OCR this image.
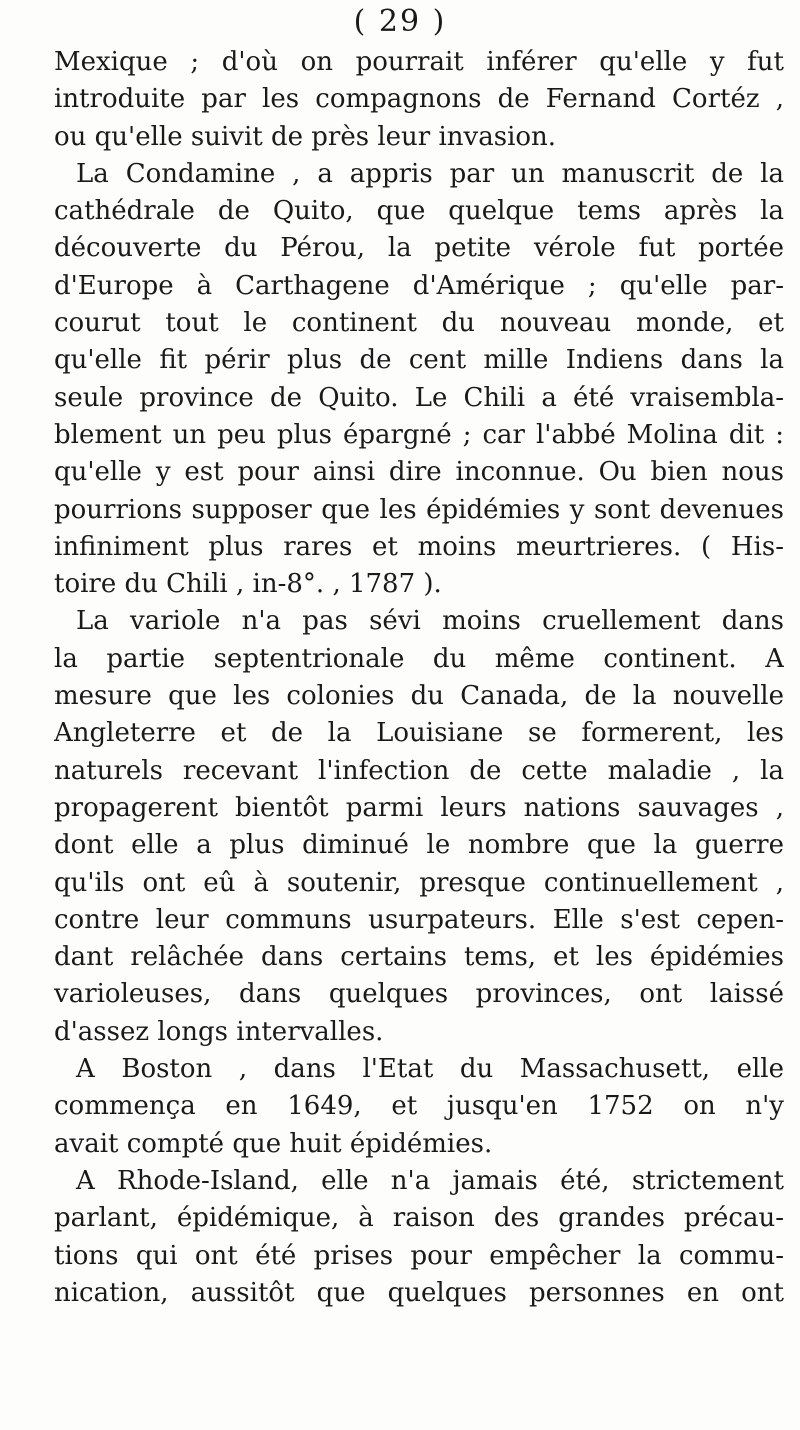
( 29 )
Mexique ; d'où on pourrait inférer qu'elle y fut
introduite par les compagnons de Fernand Cortéz ,
ou qu'elle suivit de près leur invasion.
La Condamine , a appris par un manuscrit de la
cathédrale de Quito, que quelque tems après la
découverte du Pérou, la petite vérole fut portée
d'Europe à Carthagene d'Amérique ; qu'elle par-
courut tout le continent du nouveau monde, et
qu'elle fit périr plus de cent mille Indiens dans la
seule province de Quito. Le Chili a été vraisembla-
blement un peu plus épargné ; car l'abbé Molina dit :
qu'elle y est pour ainsi dire inconnue. Ou bien nous
pourrions supposer que les épidémies y sont devenues
infiniment plus rares et moins meurtrieres. ( His-
toire du Chili , in-8°. , 1787 ).
La variole n'a pas sévi moins cruellement dans
la partie septentrionale du même continent. A
mesure que les colonies du Canada, de la nouvelle
Angleterre et de la Louisiane se formerent, les
naturels recevant l'infection de cette maladie , la
propagerent bientôt parmi leurs nations sauvages ,
dont elle a plus diminué le nombre que la guerre
qu'ils ont eû à soutenir, presque continuellement ,
contre leur communs usurpateurs. Elle s'est cepen-
dant relâchée dans certains tems, et les épidémies
varioleuses, dans quelques provinces, ont laissé
d'assez longs intervalles.
A Boston , dans l'Etat du Massachusett, elle
commença en 1649, et jusqu'en 1752 on n'y
avait compté que huit épidémies.
A Rhode-Island, elle n'a jamais été, strictement
parlant, épidémique, à raison des grandes précau-
tions qui ont été prises pour empêcher la commu-
nication, aussitôt que quelques personnes en ont
